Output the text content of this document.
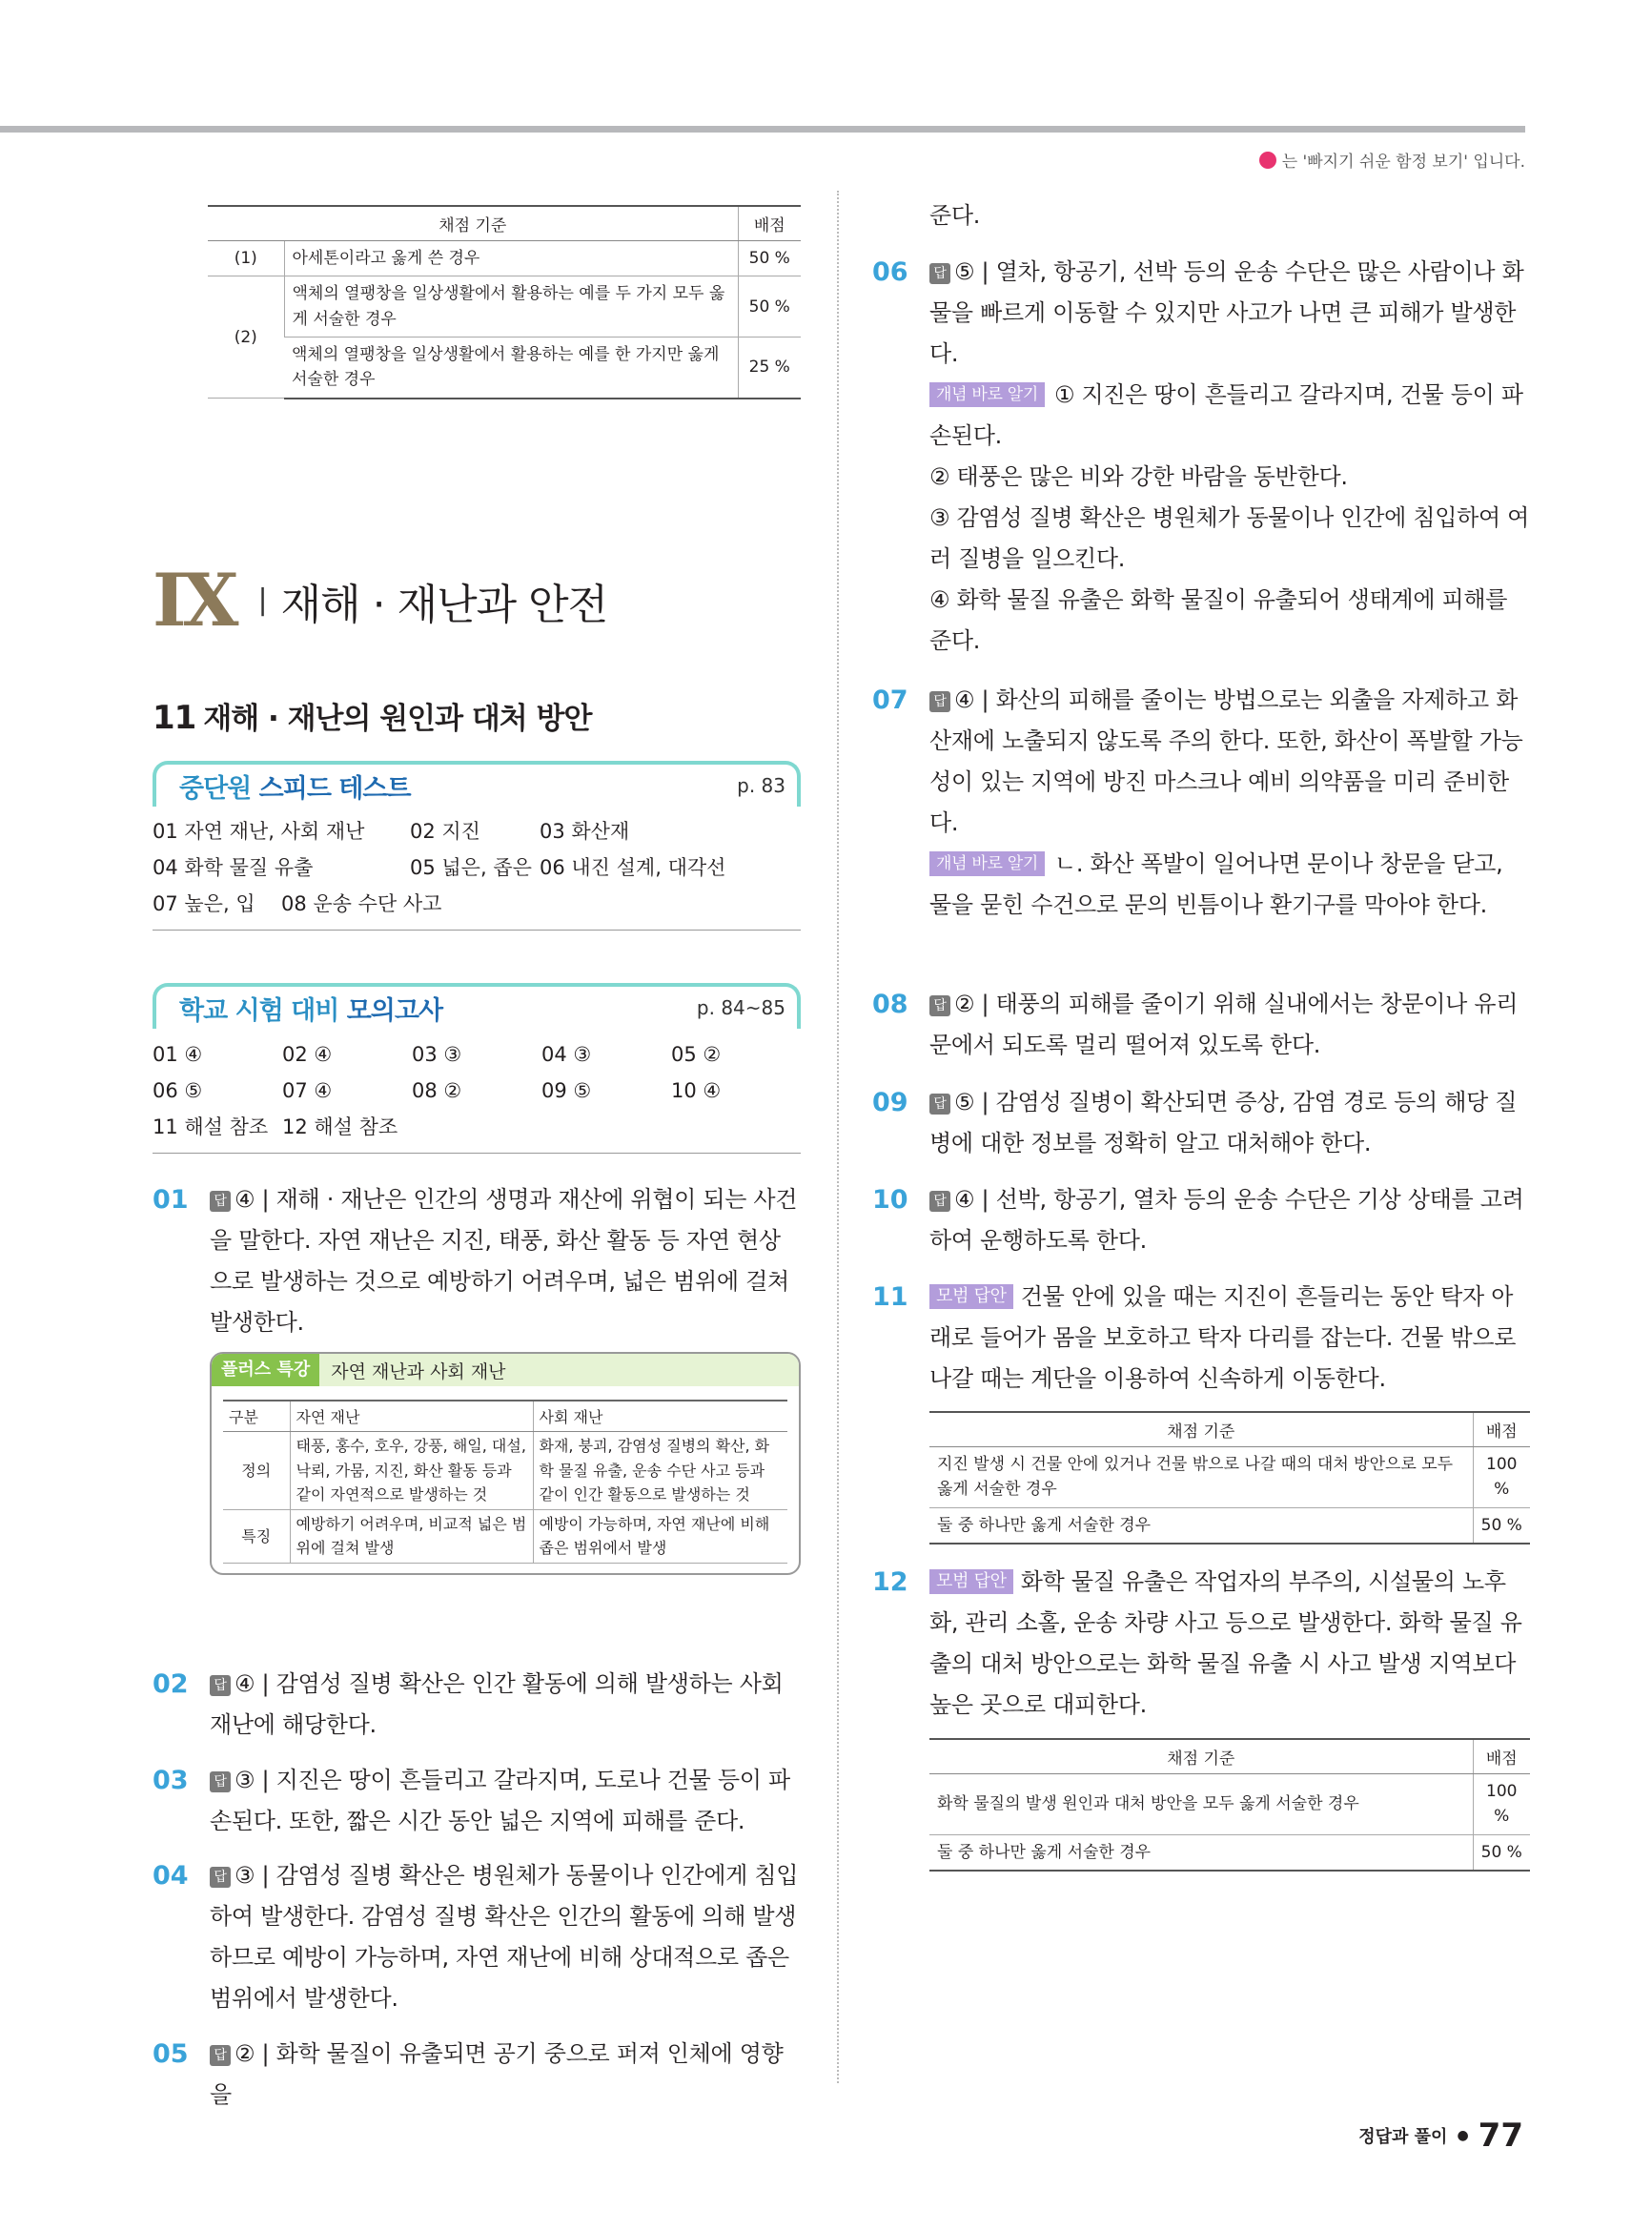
는 '빠지기 쉬운 함정 보기' 입니다.
채점 기준		배점
(1)	아세톤이라고 옳게 쓴 경우	50 %
(2)	액체의 열팽창을 일상생활에서 활용하는 예를 두 가지 모두 옳게 서술한 경우	50 %
	액체의 열팽창을 일상생활에서 활용하는 예를 한 가지만 옳게 서술한 경우	25 %
IX | 재해 · 재난과 안전
11 재해 · 재난의 원인과 대처 방안
중단원 스피드 테스트	p. 83
01 자연 재난, 사회 재난	02 지진	03 화산재
04 화학 물질 유출	05 넓은, 좁은 06 내진 설계, 대각선
07 높은, 입	08 운송 수단 사고
학교 시험 대비 모의고사	p. 84~85
01 ④	02 ④	03 ③	04 ③	05 ②
06 ⑤	07 ④	08 ②	09 ⑤	10 ④
11 해설 참조 12 해설 참조
01	답 ④ | 재해 · 재난은 인간의 생명과 재산에 위협이 되는 사건을 말한다. 자연 재난은 지진, 태풍, 화산 활동 등 자연 현상으로 발생하는 것으로 예방하기 어려우며, 넓은 범위에 걸쳐 발생한다.
플러스 특강	자연 재난과 사회 재난
구분	자연 재난	사회 재난
정의	태풍, 홍수, 호우, 강풍, 해일, 대설, 낙뢰, 가뭄, 지진, 화산 활동 등과 같이 자연적으로 발생하는 것	화재, 붕괴, 감염성 질병의 확산, 화학 물질 유출, 운송 수단 사고 등과 같이 인간 활동으로 발생하는 것
특징	예방하기 어려우며, 비교적 넓은 범위에 걸쳐 발생	예방이 가능하며, 자연 재난에 비해 좁은 범위에서 발생
02	답 ④ | 감염성 질병 확산은 인간 활동에 의해 발생하는 사회 재난에 해당한다.
03	답 ③ | 지진은 땅이 흔들리고 갈라지며, 도로나 건물 등이 파손된다. 또한, 짧은 시간 동안 넓은 지역에 피해를 준다.
04	답 ③ | 감염성 질병 확산은 병원체가 동물이나 인간에게 침입하여 발생한다. 감염성 질병 확산은 인간의 활동에 의해 발생하므로 예방이 가능하며, 자연 재난에 비해 상대적으로 좁은 범위에서 발생한다.
05	답 ② | 화학 물질이 유출되면 공기 중으로 퍼져 인체에 영향을
준다.
06	답 ⑤ | 열차, 항공기, 선박 등의 운송 수단은 많은 사람이나 화물을 빠르게 이동할 수 있지만 사고가 나면 큰 피해가 발생한다.
개념 바로 알기 ① 지진은 땅이 흔들리고 갈라지며, 건물 등이 파손된다.
② 태풍은 많은 비와 강한 바람을 동반한다.
③ 감염성 질병 확산은 병원체가 동물이나 인간에 침입하여 여러 질병을 일으킨다.
④ 화학 물질 유출은 화학 물질이 유출되어 생태계에 피해를 준다.
07	답 ④ | 화산의 피해를 줄이는 방법으로는 외출을 자제하고 화산재에 노출되지 않도록 주의 한다. 또한, 화산이 폭발할 가능성이 있는 지역에 방진 마스크나 예비 의약품을 미리 준비한다.
개념 바로 알기 ㄴ. 화산 폭발이 일어나면 문이나 창문을 닫고, 물을 묻힌 수건으로 문의 빈틈이나 환기구를 막아야 한다.
08	답 ② | 태풍의 피해를 줄이기 위해 실내에서는 창문이나 유리문에서 되도록 멀리 떨어져 있도록 한다.
09	답 ⑤ | 감염성 질병이 확산되면 증상, 감염 경로 등의 해당 질병에 대한 정보를 정확히 알고 대처해야 한다.
10	답 ④ | 선박, 항공기, 열차 등의 운송 수단은 기상 상태를 고려하여 운행하도록 한다.
11	모범 답안 건물 안에 있을 때는 지진이 흔들리는 동안 탁자 아래로 들어가 몸을 보호하고 탁자 다리를 잡는다. 건물 밖으로 나갈 때는 계단을 이용하여 신속하게 이동한다.
채점 기준	배점
지진 발생 시 건물 안에 있거나 건물 밖으로 나갈 때의 대처 방안으로 모두 옳게 서술한 경우	100 %
둘 중 하나만 옳게 서술한 경우	50 %
12	모범 답안 화학 물질 유출은 작업자의 부주의, 시설물의 노후화, 관리 소홀, 운송 차량 사고 등으로 발생한다. 화학 물질 유출의 대처 방안으로는 화학 물질 유출 시 사고 발생 지역보다 높은 곳으로 대피한다.
채점 기준	배점
화학 물질의 발생 원인과 대처 방안을 모두 옳게 서술한 경우	100 %
둘 중 하나만 옳게 서술한 경우	50 %
정답과 풀이 ● 77
